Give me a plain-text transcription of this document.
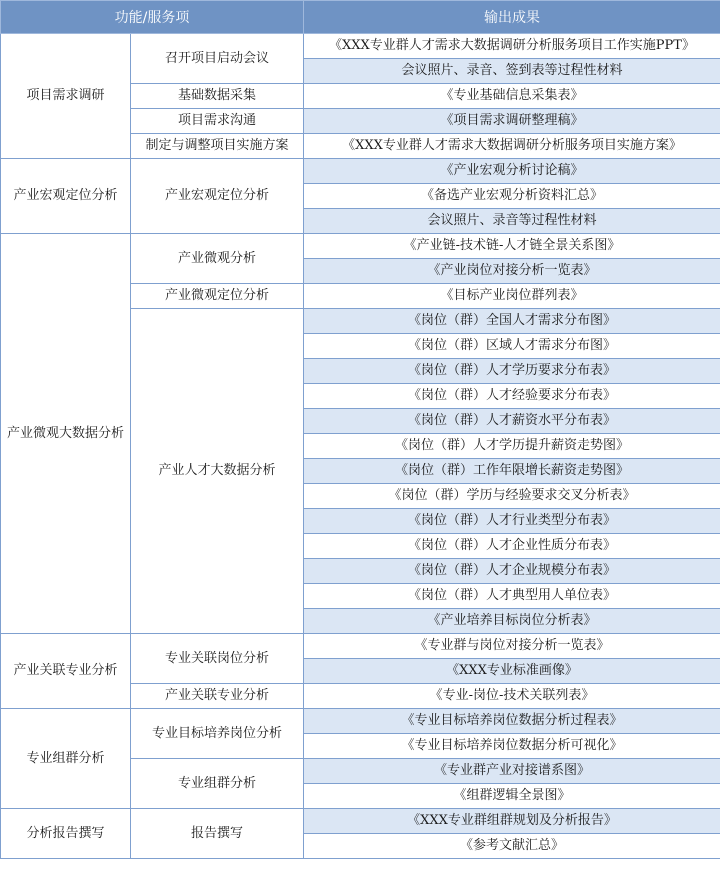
功能/服务项		输出成果
项目需求调研	召开项目启动会议	《XXX专业群人才需求大数据调研分析服务项目工作实施PPT》
		会议照片、录音、签到表等过程性材料
	基础数据采集	《专业基础信息采集表》
	项目需求沟通	《项目需求调研整理稿》
	制定与调整项目实施方案	《XXX专业群人才需求大数据调研分析服务项目实施方案》
产业宏观定位分析	产业宏观定位分析	《产业宏观分析讨论稿》
		《备选产业宏观分析资料汇总》
		会议照片、录音等过程性材料
产业微观大数据分析	产业微观分析	《产业链-技术链-人才链全景关系图》
		《产业岗位对接分析一览表》
	产业微观定位分析	《目标产业岗位群列表》
	产业人才大数据分析	《岗位（群）全国人才需求分布图》
		《岗位（群）区域人才需求分布图》
		《岗位（群）人才学历要求分布表》
		《岗位（群）人才经验要求分布表》
		《岗位（群）人才薪资水平分布表》
		《岗位（群）人才学历提升薪资走势图》
		《岗位（群）工作年限增长薪资走势图》
		《岗位（群）学历与经验要求交叉分析表》
		《岗位（群）人才行业类型分布表》
		《岗位（群）人才企业性质分布表》
		《岗位（群）人才企业规模分布表》
		《岗位（群）人才典型用人单位表》
		《产业培养目标岗位分析表》
产业关联专业分析	专业关联岗位分析	《专业群与岗位对接分析一览表》
		《XXX专业标准画像》
	产业关联专业分析	《专业-岗位-技术关联列表》
专业组群分析	专业目标培养岗位分析	《专业目标培养岗位数据分析过程表》
		《专业目标培养岗位数据分析可视化》
	专业组群分析	《专业群产业对接谱系图》
		《组群逻辑全景图》
分析报告撰写	报告撰写	《XXX专业群组群规划及分析报告》
		《参考文献汇总》
